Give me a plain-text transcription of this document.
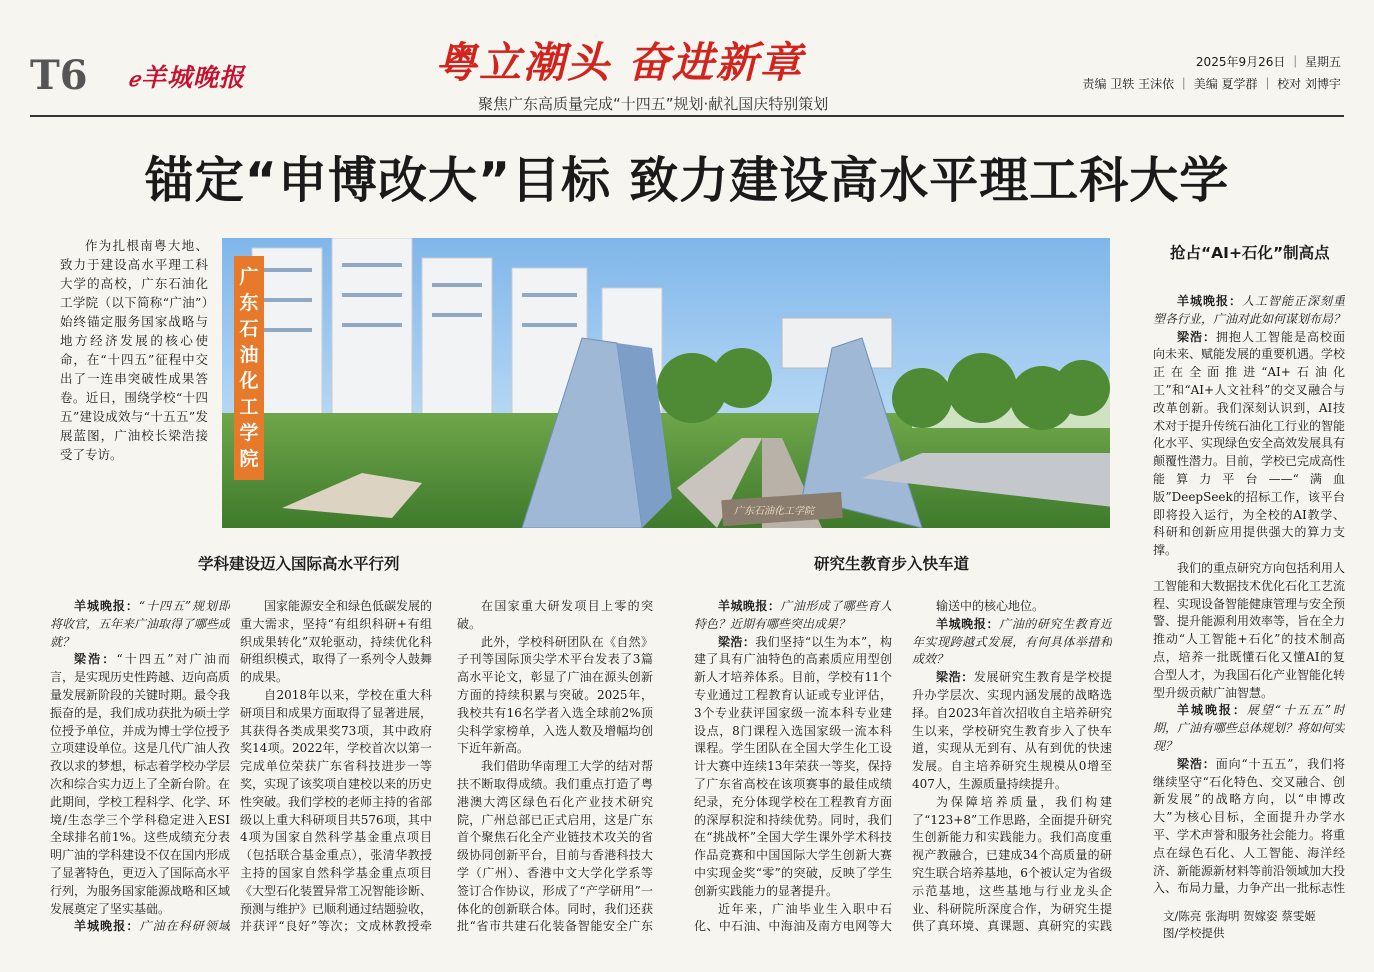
T6 ℯ羊城晚报	粤立潮头 奋进新章
聚焦广东高质量完成“十四五”规划·献礼国庆特别策划
2025年9月26日 ｜ 星期五
责编 卫轶 王沫依 ｜ 美编 夏学群 ｜ 校对 刘博宇
锚定“申博改大”目标 致力建设高水平理工科大学
作为扎根南粤大地、致力于建设高水平理工科大学的高校，广东石油化工学院（以下简称“广油”）始终锚定服务国家战略与地方经济发展的核心使命，在“十四五”征程中交出了一连串突破性成果答卷。近日，围绕学校“十四五”建设成效与“十五五”发展蓝图，广油校长梁浩接受了专访。
广东石油化工学院
广东石油化工学院
学科建设迈入国际高水平行列	研究生教育步入快车道
抢占“AI+石化”制高点

羊城晚报：“十四五”规划即将收官，五年来广油取得了哪些成就？

梁浩：“十四五”对广油而言，是实现历史性跨越、迈向高质量发展新阶段的关键时期。最令我振奋的是，我们成功获批为硕士学位授予单位，并成为博士学位授予立项建设单位。这是几代广油人孜孜以求的梦想，标志着学校办学层次和综合实力迈上了全新台阶。在此期间，学校工程科学、化学、环境/生态学三个学科稳定进入ESI全球排名前1%。这些成绩充分表明广油的学科建设不仅在国内形成了显著特色，更迈入了国际高水平行列，为服务国家能源战略和区域发展奠定了坚实基础。

羊城晚报：广油在科研领域

国家能源安全和绿色低碳发展的重大需求，坚持“有组织科研+有组织成果转化”双轮驱动，持续优化科研组织模式，取得了一系列令人鼓舞的成果。

自2018年以来，学校在重大科研项目和成果方面取得了显著进展，其获得各类成果奖73项，其中政府奖14项。2022年，学校首次以第一完成单位荣获广东省科技进步一等奖，实现了该奖项自建校以来的历史性突破。我们学校的老师主持的省部级以上重大科研项目共576项，其中4项为国家自然科学基金重点项目（包括联合基金重点），张清华教授主持的国家自然科学基金重点项目《大型石化装置异常工况智能诊断、预测与维护》已顺利通过结题验收，并获评“良好”等次；文成林教授牵

在国家重大研发项目上零的突破。

此外，学校科研团队在《自然》子刊等国际顶尖学术平台发表了3篇高水平论文，彰显了广油在源头创新方面的持续积累与突破。2025年，我校共有16名学者入选全球前2%顶尖科学家榜单，入选人数及增幅均创下近年新高。

我们借助华南理工大学的结对帮扶不断取得成绩。我们重点打造了粤港澳大湾区绿色石化产业技术研究院，广州总部已正式启用，这是广东首个聚焦石化全产业链技术攻关的省级协同创新平台，目前与香港科技大学（广州）、香港中文大学化学系等签订合作协议，形成了“产学研用”一体化的创新联合体。同时，我们还获批“省市共建石化装备智能安全广东

羊城晚报：广油形成了哪些育人特色？近期有哪些突出成果？

梁浩：我们坚持“以生为本”，构建了具有广油特色的高素质应用型创新人才培养体系。目前，学校有11个专业通过工程教育认证或专业评估，3个专业获评国家级一流本科专业建设点，8门课程入选国家级一流本科课程。学生团队在全国大学生化工设计大赛中连续13年荣获一等奖，保持了广东省高校在该项赛事的最佳成绩纪录，充分体现学校在工程教育方面的深厚积淀和持续优势。同时，我们在“挑战杯”全国大学生课外学术科技作品竞赛和中国国际大学生创新大赛中实现金奖“零”的突破，反映了学生创新实践能力的显著提升。

近年来，广油毕业生入职中石化、中石油、中海油及南方电网等大

输送中的核心地位。

羊城晚报：广油的研究生教育近年实现跨越式发展，有何具体举措和成效？

梁浩：发展研究生教育是学校提升办学层次、实现内涵发展的战略选择。自2023年首次招收自主培养研究生以来，学校研究生教育步入了快车道，实现从无到有、从有到优的快速发展。自主培养研究生规模从0增至407人，生源质量持续提升。

为保障培养质量，我们构建了“123+8”工作思路，全面提升研究生创新能力和实践能力。我们高度重视产教融合，已建成34个高质量的研究生联合培养基地，6个被认定为省级示范基地，这些基地与行业龙头企业、科研院所深度合作，为研究生提供了真环境、真课题、真研究的实践

羊城晚报：人工智能正深刻重塑各行业，广油对此如何谋划布局？

梁浩：拥抱人工智能是高校面向未来、赋能发展的重要机遇。学校正在全面推进“AI+石油化工”和“AI+人文社科”的交叉融合与改革创新。我们深刻认识到，AI技术对于提升传统石油化工行业的智能化水平、实现绿色安全高效发展具有颠覆性潜力。目前，学校已完成高性能算力平台——“满血版”DeepSeek的招标工作，该平台即将投入运行，为全校的AI教学、科研和创新应用提供强大的算力支撑。

我们的重点研究方向包括利用人工智能和大数据技术优化石化工艺流程、实现设备智能健康管理与安全预警、提升能源利用效率等，旨在全力推动“人工智能+石化”的技术制高点，培养一批既懂石化又懂AI的复合型人才，为我国石化产业智能化转型升级贡献广油智慧。

羊城晚报：展望“十五五”时期，广油有哪些总体规划？将如何实现？

梁浩：面向“十五五”，我们将继续坚守“石化特色、交叉融合、创新发展”的战略方向，以“申博改大”为核心目标，全面提升办学水平、学术声誉和服务社会能力。将重点在绿色石化、人工智能、海洋经济、新能源新材料等前沿领域加大投入、布局力量，力争产出一批标志性

文/陈亮 张海明 贺嫁姿 蔡雯姬
图/学校提供
